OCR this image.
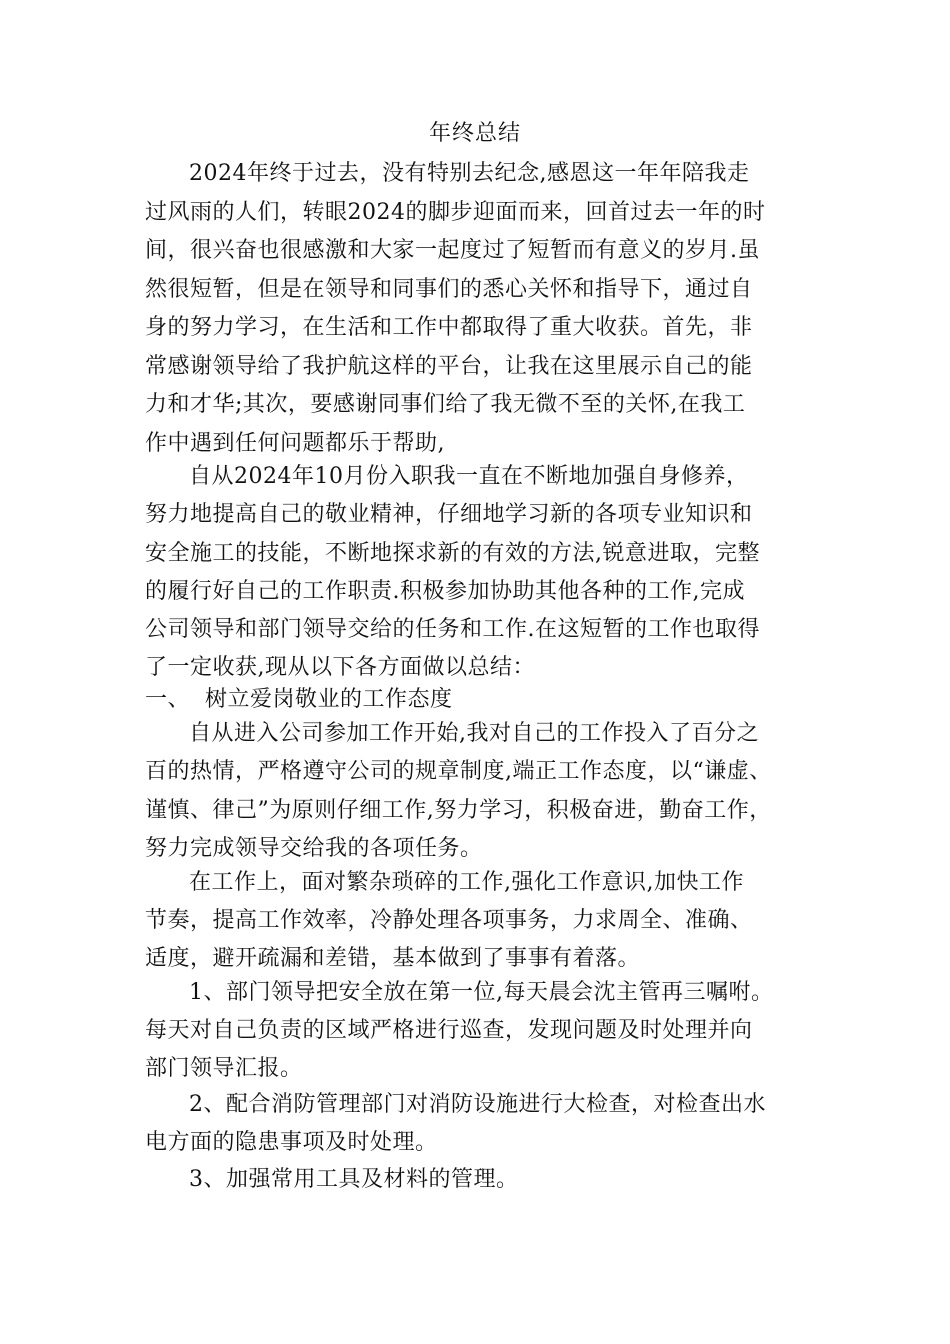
年终总结
2024年终于过去，没有特别去纪念,感恩这一年年陪我走
过风雨的人们，转眼2024的脚步迎面而来，回首过去一年的时
间，很兴奋也很感激和大家一起度过了短暂而有意义的岁月.虽
然很短暂，但是在领导和同事们的悉心关怀和指导下，通过自
身的努力学习，在生活和工作中都取得了重大收获。首先，非
常感谢领导给了我护航这样的平台，让我在这里展示自己的能
力和才华;其次，要感谢同事们给了我无微不至的关怀,在我工
作中遇到任何问题都乐于帮助,
自从2024年10月份入职我一直在不断地加强自身修养，
努力地提高自己的敬业精神，仔细地学习新的各项专业知识和
安全施工的技能，不断地探求新的有效的方法,锐意进取，完整
的履行好自己的工作职责.积极参加协助其他各种的工作,完成
公司领导和部门领导交给的任务和工作.在这短暂的工作也取得
了一定收获,现从以下各方面做以总结：
一、  树立爱岗敬业的工作态度
自从进入公司参加工作开始,我对自己的工作投入了百分之
百的热情，严格遵守公司的规章制度,端正工作态度，以“谦虚、
谨慎、律己”为原则仔细工作,努力学习，积极奋进，勤奋工作，
努力完成领导交给我的各项任务。
在工作上，面对繁杂琐碎的工作,强化工作意识,加快工作
节奏，提高工作效率，冷静处理各项事务，力求周全、准确、
适度，避开疏漏和差错，基本做到了事事有着落。
1、部门领导把安全放在第一位,每天晨会沈主管再三嘱咐。
每天对自己负责的区域严格进行巡查，发现问题及时处理并向
部门领导汇报。
2、配合消防管理部门对消防设施进行大检查，对检查出水
电方面的隐患事项及时处理。
3、加强常用工具及材料的管理。
